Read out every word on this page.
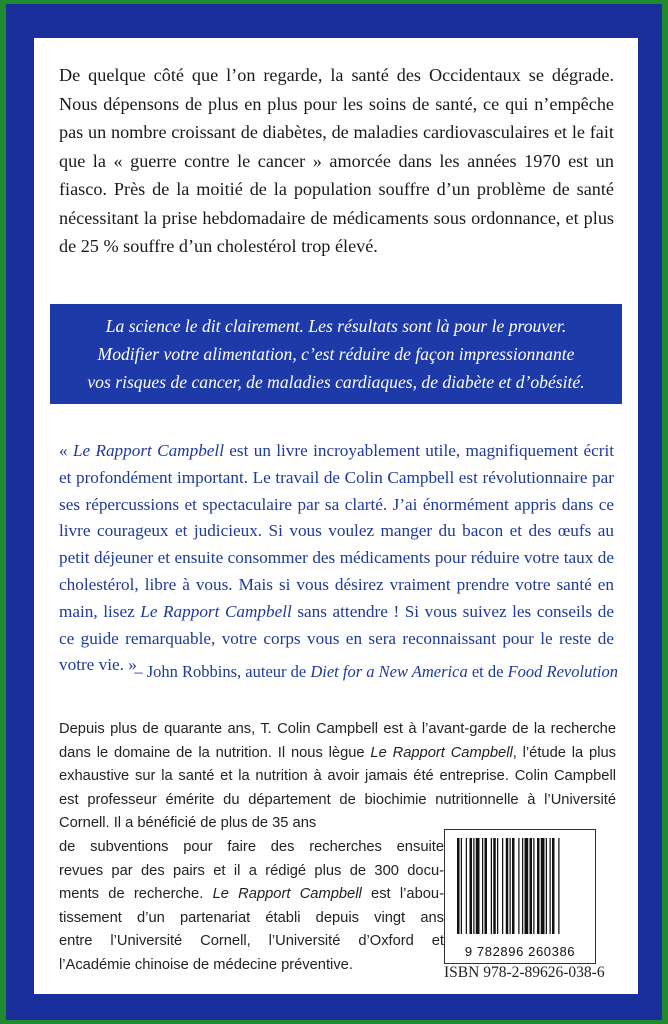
De quelque côté que l’on regarde, la santé des Occidentaux se dégrade. Nous dépensons de plus en plus pour les soins de santé, ce qui n’empêche pas un nombre croissant de diabètes, de maladies cardiovasculaires et le fait que la « guerre contre le cancer » amorcée dans les années 1970 est un fiasco. Près de la moitié de la population souffre d’un problème de santé nécessitant la prise hebdomadaire de médicaments sous ordonnance, et plus de 25 % souffre d’un cholestérol trop élevé.

La science le dit clairement. Les résultats sont là pour le prouver.
Modifier votre alimentation, c’est réduire de façon impressionnante
vos risques de cancer, de maladies cardiaques, de diabète et d’obésité.

« Le Rapport Campbell est un livre incroyablement utile, magnifiquement écrit et profondément important. Le travail de Colin Campbell est révolutionnaire par ses répercussions et spectaculaire par sa clarté. J’ai énormément appris dans ce livre courageux et judicieux. Si vous voulez manger du bacon et des œufs au petit déjeuner et ensuite consommer des médicaments pour réduire votre taux de cholestérol, libre à vous. Mais si vous désirez vraiment prendre votre santé en main, lisez Le Rapport Campbell sans attendre ! Si vous suivez les conseils de ce guide remarquable, votre corps vous en sera reconnaissant pour le reste de votre vie. »

– John Robbins, auteur de Diet for a New America et de Food Revolution
Depuis plus de quarante ans, T. Colin Campbell est à l’avant-garde de la recherche dans le domaine de la nutrition. Il nous lègue Le Rapport Campbell, l’étude la plus exhaustive sur la santé et la nutrition à avoir jamais été entreprise. Colin Campbell est professeur émérite du département de biochimie nutritionnelle à l’Université Cornell. Il a bénéficié de plus de 35 ans
de subventions pour faire des recherches ensuite
revues par des pairs et il a rédigé plus de 300 docu-
ments de recherche. Le Rapport Campbell est l’abou-
tissement d’un partenariat établi depuis vingt ans
entre l’Université Cornell, l’Université d’Oxford et
l’Académie chinoise de médecine préventive.
9 782896 260386
ISBN 978-2-89626-038-6
